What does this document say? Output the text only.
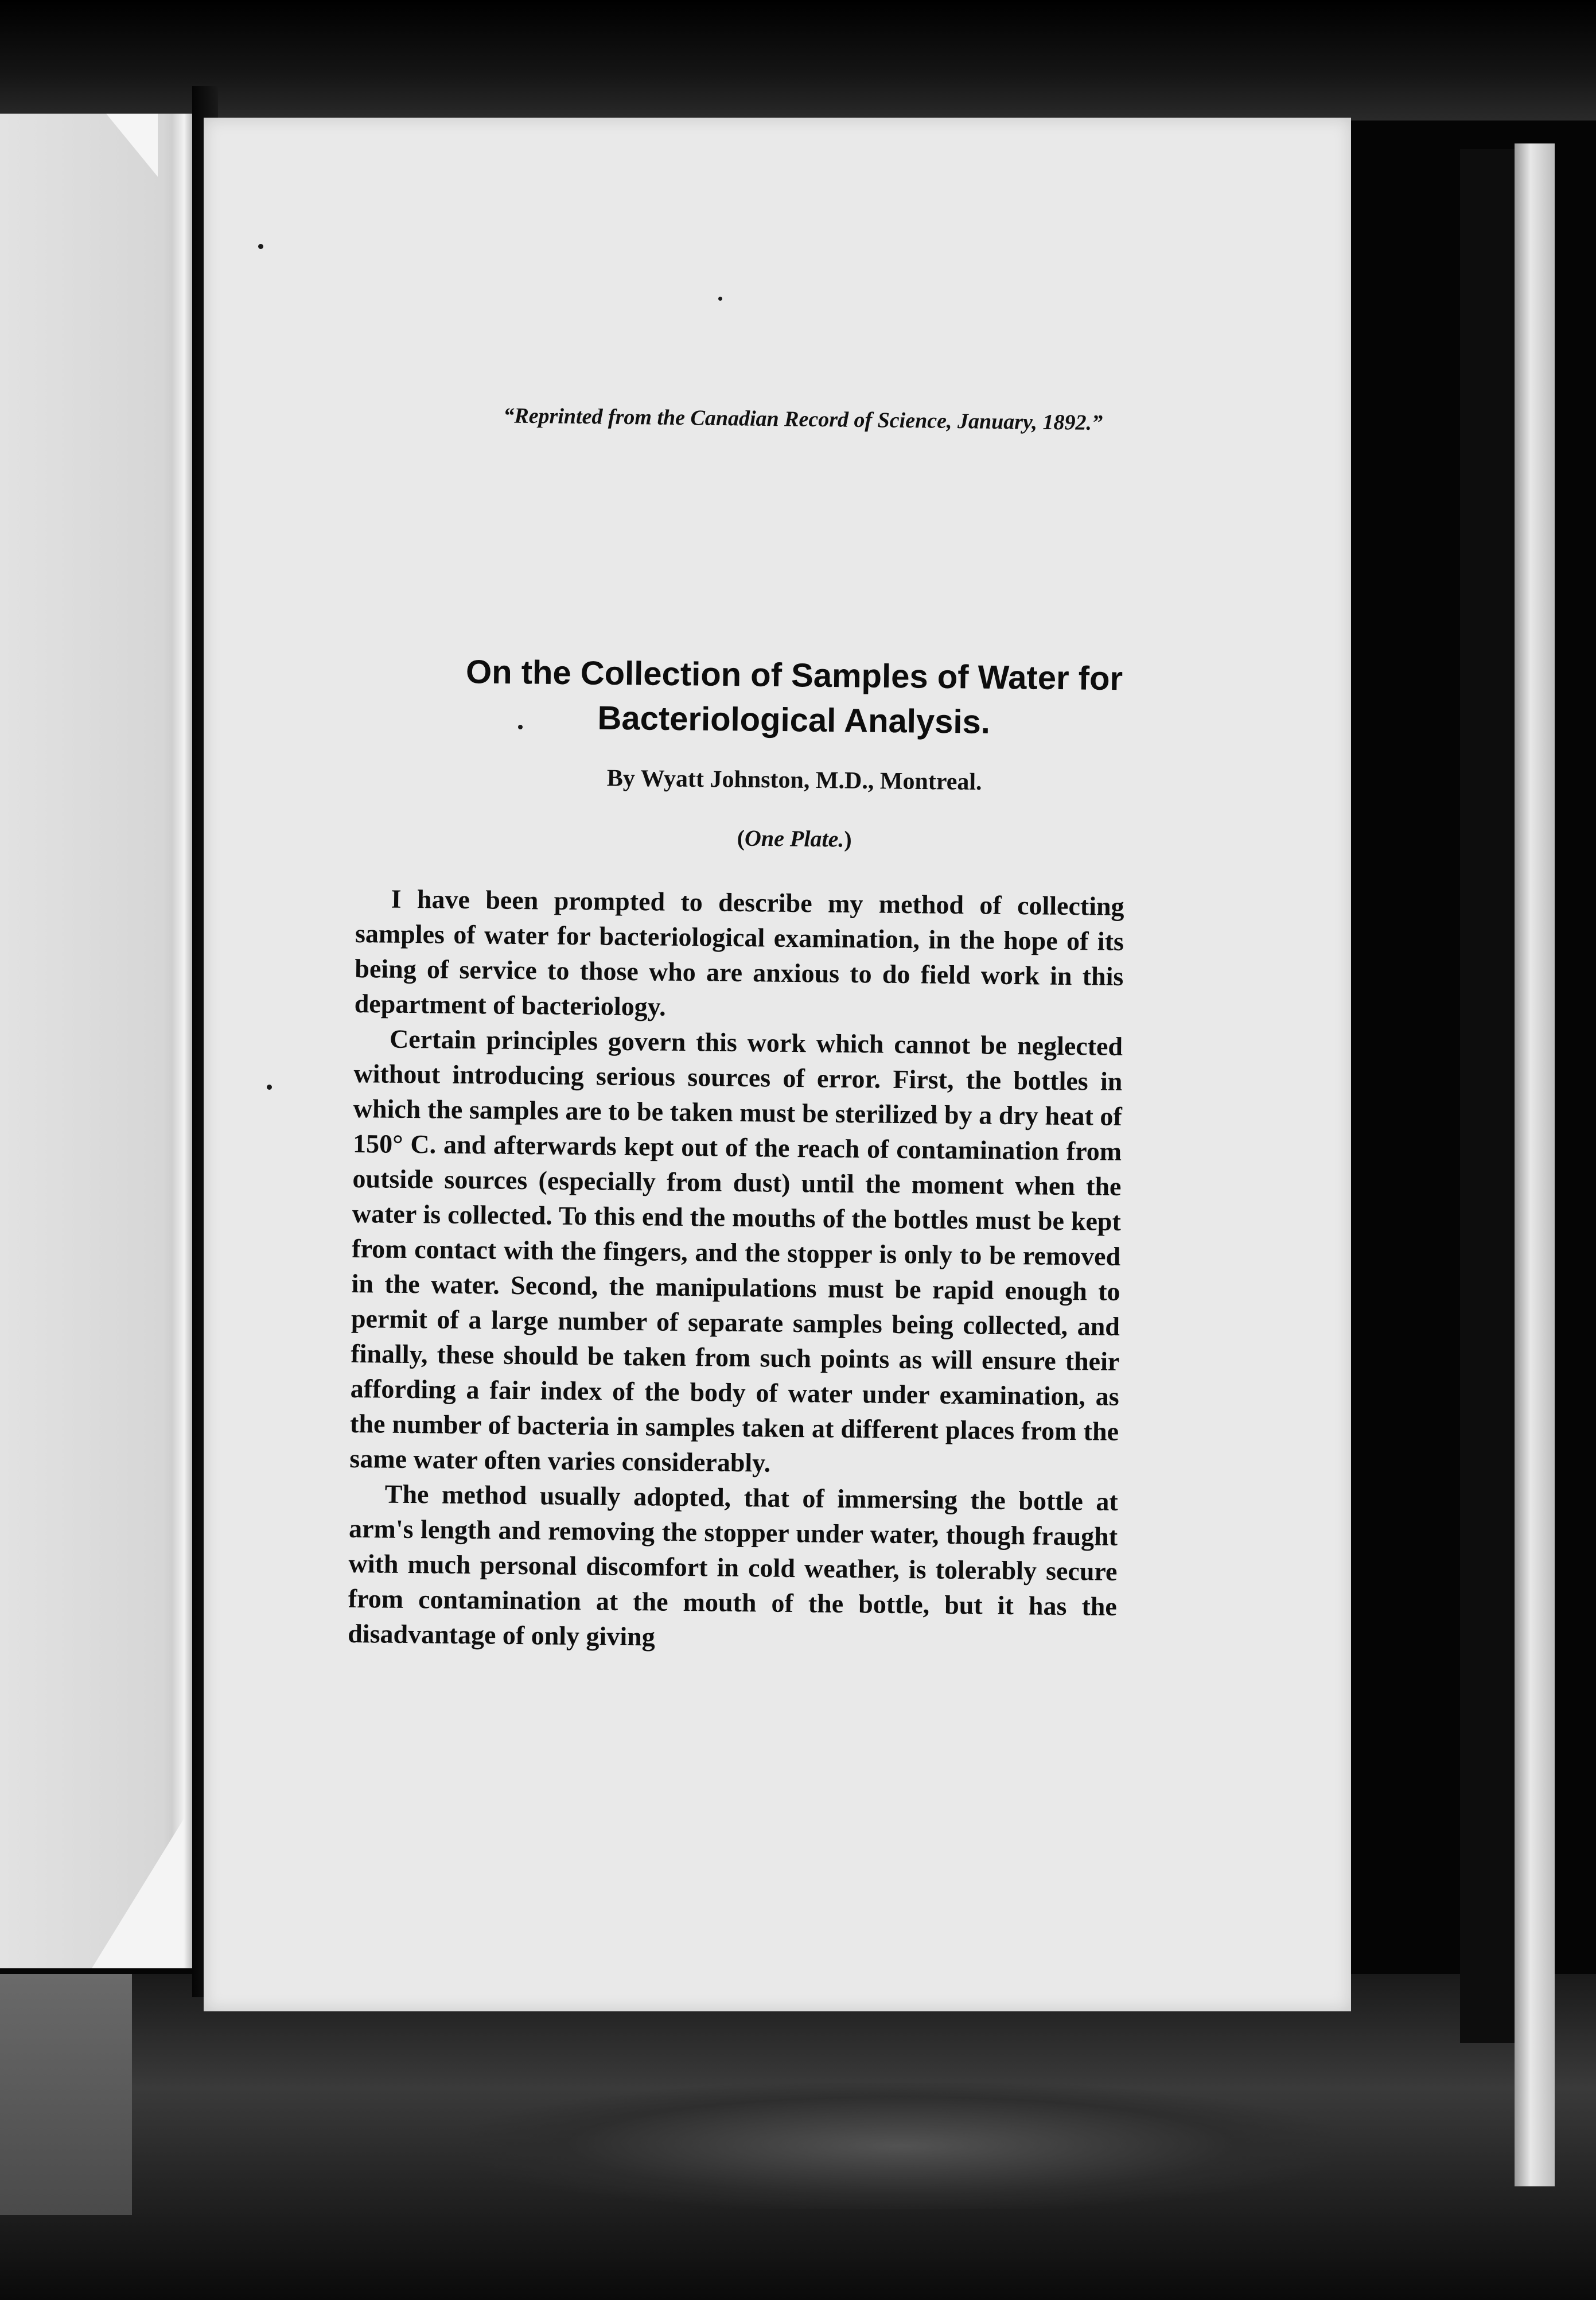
“Reprinted from the Canadian Record of Science, January, 1892.”
On the Collection of Samples of Water for
Bacteriological Analysis.
By Wyatt Johnston, M.D., Montreal.
(One Plate.)

I have been prompted to describe my method of collecting samples of water for bacteriological examination, in the hope of its being of service to those who are anxious to do field work in this department of bacteriology.

Certain principles govern this work which cannot be neglected without introducing serious sources of error. First, the bottles in which the samples are to be taken must be sterilized by a dry heat of 150° C. and afterwards kept out of the reach of contamination from outside sources (especially from dust) until the moment when the water is collected. To this end the mouths of the bottles must be kept from contact with the fingers, and the stopper is only to be removed in the water. Second, the manipulations must be rapid enough to permit of a large number of separate samples being collected, and finally, these should be taken from such points as will ensure their affording a fair index of the body of water under examination, as the number of bacteria in samples taken at different places from the same water often varies considerably.

The method usually adopted, that of immersing the bottle at arm's length and removing the stopper under water, though fraught with much personal discomfort in cold weather, is tolerably secure from contamination at the mouth of the bottle, but it has the disadvantage of only giving
